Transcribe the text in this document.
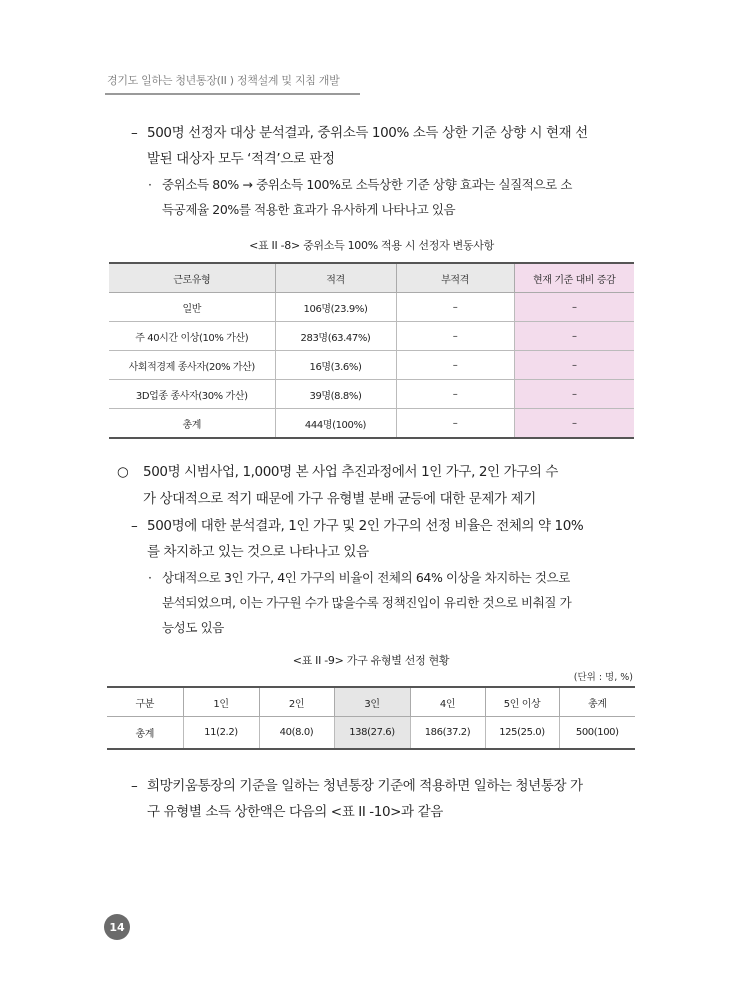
경기도 일하는 청년통장(II ) 정책설계 및 지침 개발
– 500명 선정자 대상 분석결과, 중위소득 100% 소득 상한 기준 상향 시 현재 선
발된 대상자 모두 ‘적격’으로 판정
· 중위소득 80% → 중위소득 100%로 소득상한 기준 상향 효과는 실질적으로 소
득공제율 20%를 적용한 효과가 유사하게 나타나고 있음
<표 II -8> 중위소득 100% 적용 시 선정자 변동사항
근로유형	적격	부적격	현재 기준 대비 증감
일반	106명(23.9%)	–	–
주 40시간 이상(10% 가산)	283명(63.47%)	–	–
사회적경제 종사자(20% 가산)	16명(3.6%)	–	–
3D업종 종사자(30% 가산)	39명(8.8%)	–	–
총계	444명(100%)	–	–
○ 500명 시범사업, 1,000명 본 사업 추진과정에서 1인 가구, 2인 가구의 수
가 상대적으로 적기 때문에 가구 유형별 분배 균등에 대한 문제가 제기
– 500명에 대한 분석결과, 1인 가구 및 2인 가구의 선정 비율은 전체의 약 10%
를 차지하고 있는 것으로 나타나고 있음
· 상대적으로 3인 가구, 4인 가구의 비율이 전체의 64% 이상을 차지하는 것으로
분석되었으며, 이는 가구원 수가 많을수록 정책진입이 유리한 것으로 비춰질 가
능성도 있음
<표 II -9> 가구 유형별 선정 현황
(단위 : 명, %)
구분	1인	2인	3인	4인	5인 이상	총계
총계	11(2.2)	40(8.0)	138(27.6)	186(37.2)	125(25.0)	500(100)
– 희망키움통장의 기준을 일하는 청년통장 기준에 적용하면 일하는 청년통장 가
구 유형별 소득 상한액은 다음의 <표 II -10>과 같음
14
